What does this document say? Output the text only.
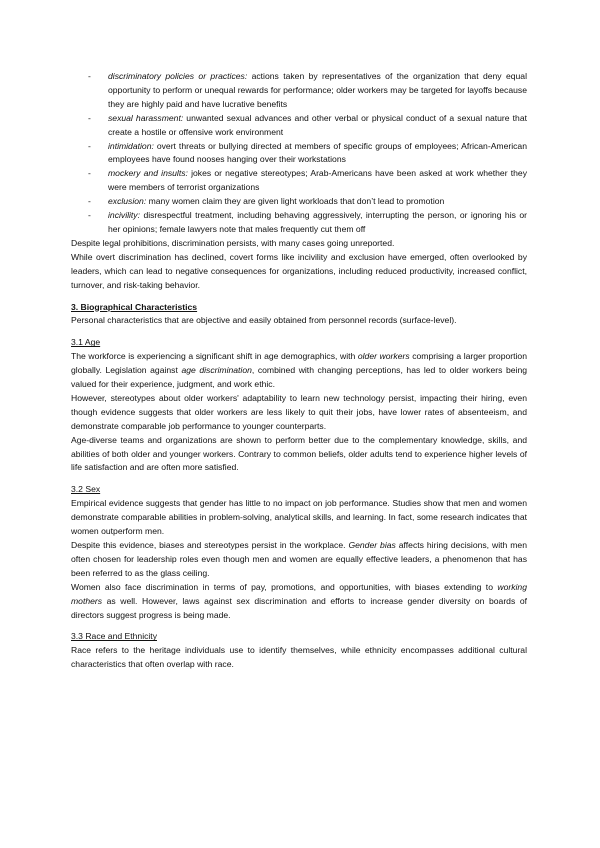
- discriminatory policies or practices: actions taken by representatives of the organization that deny equal opportunity to perform or unequal rewards for performance; older workers may be targeted for layoffs because they are highly paid and have lucrative benefits
- sexual harassment: unwanted sexual advances and other verbal or physical conduct of a sexual nature that create a hostile or offensive work environment
- intimidation: overt threats or bullying directed at members of specific groups of employees; African-American employees have found nooses hanging over their workstations
- mockery and insults: jokes or negative stereotypes; Arab-Americans have been asked at work whether they were members of terrorist organizations
- exclusion: many women claim they are given light workloads that don’t lead to promotion
- incivility: disrespectful treatment, including behaving aggressively, interrupting the person, or ignoring his or her opinions; female lawyers note that males frequently cut them off

Despite legal prohibitions, discrimination persists, with many cases going unreported.

While overt discrimination has declined, covert forms like incivility and exclusion have emerged, often overlooked by leaders, which can lead to negative consequences for organizations, including reduced productivity, increased conflict, turnover, and risk-taking behavior.

3. Biographical Characteristics

Personal characteristics that are objective and easily obtained from personnel records (surface-level).

3.1 Age

The workforce is experiencing a significant shift in age demographics, with older workers comprising a larger proportion globally. Legislation against age discrimination, combined with changing perceptions, has led to older workers being valued for their experience, judgment, and work ethic.

However, stereotypes about older workers' adaptability to learn new technology persist, impacting their hiring, even though evidence suggests that older workers are less likely to quit their jobs, have lower rates of absenteeism, and demonstrate comparable job performance to younger counterparts.

Age-diverse teams and organizations are shown to perform better due to the complementary knowledge, skills, and abilities of both older and younger workers. Contrary to common beliefs, older adults tend to experience higher levels of life satisfaction and are often more satisfied.

3.2 Sex

Empirical evidence suggests that gender has little to no impact on job performance. Studies show that men and women demonstrate comparable abilities in problem-solving, analytical skills, and learning. In fact, some research indicates that women outperform men.

Despite this evidence, biases and stereotypes persist in the workplace. Gender bias affects hiring decisions, with men often chosen for leadership roles even though men and women are equally effective leaders, a phenomenon that has been referred to as the glass ceiling.

Women also face discrimination in terms of pay, promotions, and opportunities, with biases extending to working mothers as well. However, laws against sex discrimination and efforts to increase gender diversity on boards of directors suggest progress is being made.

3.3 Race and Ethnicity

Race refers to the heritage individuals use to identify themselves, while ethnicity encompasses additional cultural characteristics that often overlap with race.
